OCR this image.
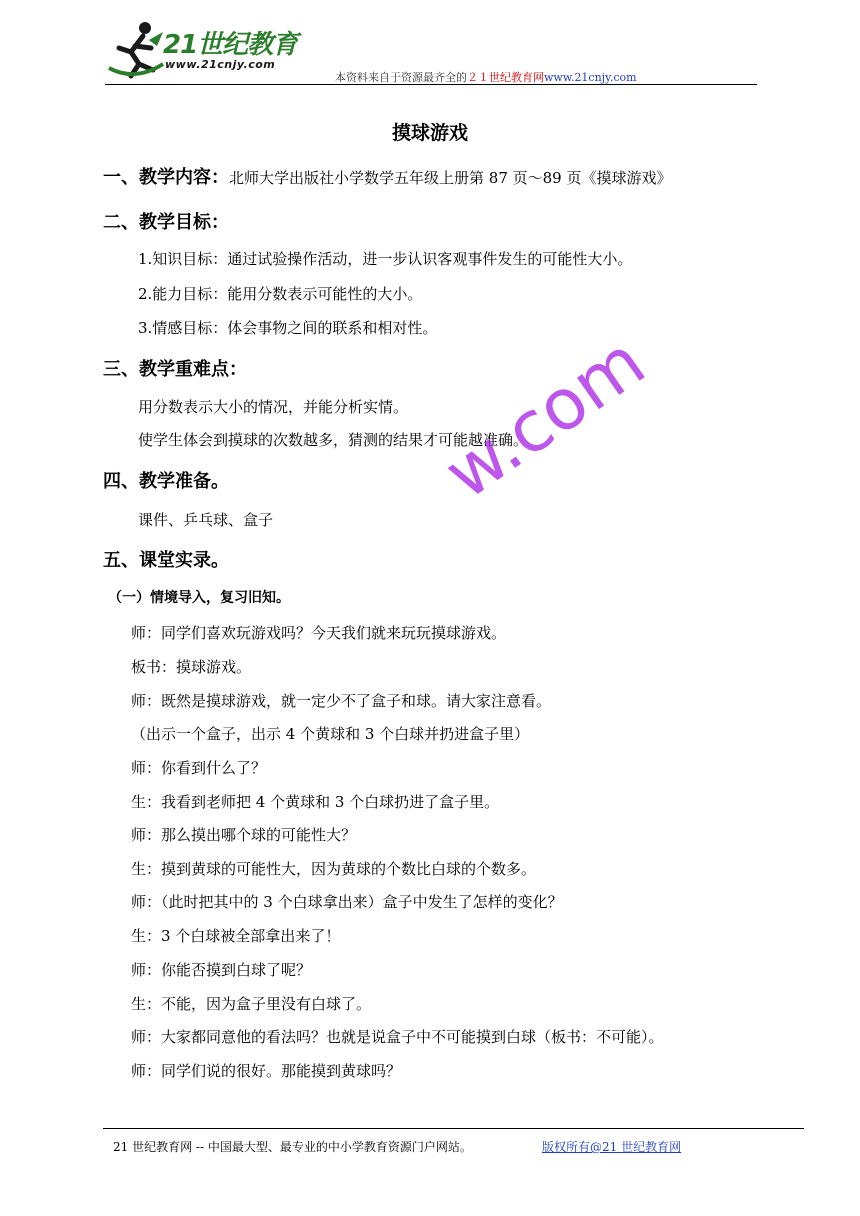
21世纪教育
www.21cnjy.com
本资料来自于资源最齐全的２１世纪教育网www.21cnjy.com
摸球游戏
一、教学内容：北师大学出版社小学数学五年级上册第 87 页～89 页《摸球游戏》
二、教学目标：
1.知识目标：通过试验操作活动，进一步认识客观事件发生的可能性大小。
2.能力目标：能用分数表示可能性的大小。
3.情感目标：体会事物之间的联系和相对性。
三、教学重难点：
用分数表示大小的情况，并能分析实情。
使学生体会到摸球的次数越多，猜测的结果才可能越准确。
四、教学准备。
课件、乒乓球、盒子
五、课堂实录。
（一）情境导入，复习旧知。
师：同学们喜欢玩游戏吗？今天我们就来玩玩摸球游戏。
板书：摸球游戏。
师：既然是摸球游戏，就一定少不了盒子和球。请大家注意看。
（出示一个盒子，出示 4 个黄球和 3 个白球并扔进盒子里）
师：你看到什么了？
生：我看到老师把 4 个黄球和 3 个白球扔进了盒子里。
师：那么摸出哪个球的可能性大？
生：摸到黄球的可能性大，因为黄球的个数比白球的个数多。
师：（此时把其中的 3 个白球拿出来）盒子中发生了怎样的变化？
生：3 个白球被全部拿出来了！
师：你能否摸到白球了呢？
生：不能，因为盒子里没有白球了。
师：大家都同意他的看法吗？也就是说盒子中不可能摸到白球（板书：不可能）。
师：同学们说的很好。那能摸到黄球吗？
w.com
21 世纪教育网 -- 中国最大型、最专业的中小学教育资源门户网站。	版权所有@21 世纪教育网
